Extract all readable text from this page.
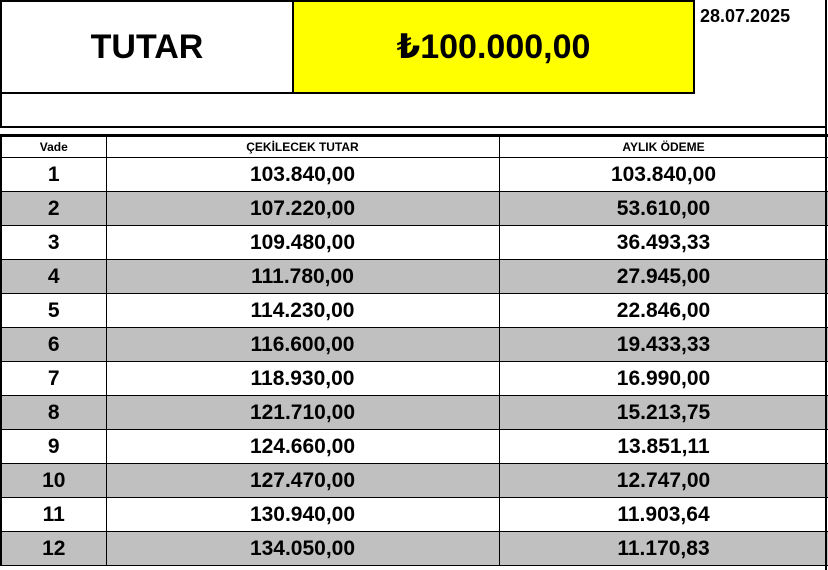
TUTAR	₺100.000,00
28.07.2025
Vade	ÇEKİLECEK TUTAR	AYLIK ÖDEME
1	103.840,00	103.840,00
2	107.220,00	53.610,00
3	109.480,00	36.493,33
4	111.780,00	27.945,00
5	114.230,00	22.846,00
6	116.600,00	19.433,33
7	118.930,00	16.990,00
8	121.710,00	15.213,75
9	124.660,00	13.851,11
10	127.470,00	12.747,00
11	130.940,00	11.903,64
12	134.050,00	11.170,83
